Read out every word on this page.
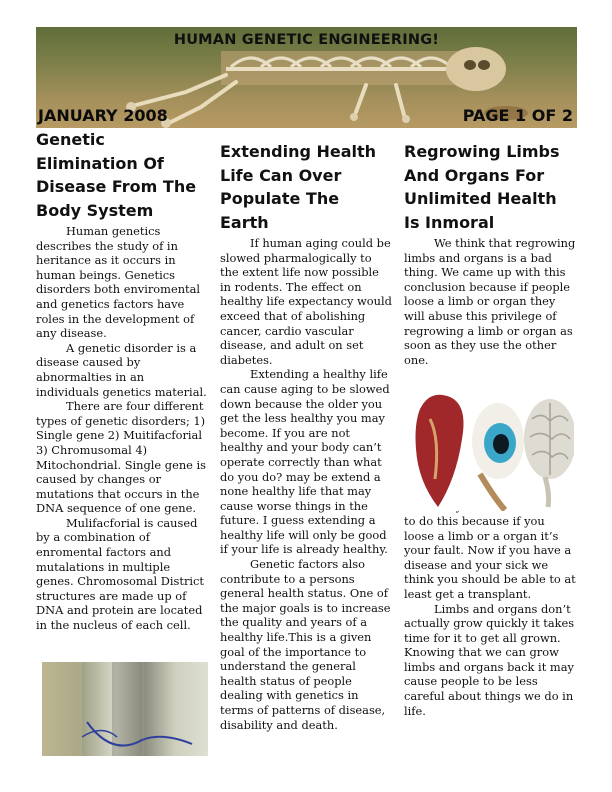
HUMAN GENETIC ENGINEERING!
JANUARY 2008	PAGE 1 OF 2
Genetic Elimination Of Disease From The Body System

Human genetics describes the study of in heritance as it occurs in human beings. Genetics disorders both enviromental and genetics factors have roles in the development of any disease.

A genetic disorder is a disease caused by abnormalties in an individuals genetics material.

There are four different types of genetic disorders; 1) Single gene 2) Muitifacforial 3) Chromusomal 4) Mitochondrial. Single gene is caused by changes or mutations that occurs in the DNA sequence of one gene.

Mulifacforial is caused by a combination of enromental factors and mutalations in multiple genes. Chromosomal District structures are made up of DNA and protein are located in the nucleus of each cell.

Extending Health Life Can Over Populate The Earth

If human aging could be slowed pharmalogically to the extent life now possible in rodents. The effect on healthy life expectancy would exceed that of abolishing cancer, cardio vascular disease, and adult on set diabetes.

Extending a healthy life can cause aging to be slowed down because the older you get the less healthy you may become. If you are not healthy and your body can’t operate correctly than what do you do? may be extend a none healthy life that may cause worse things in the future. I guess extending a healthy life will only be good if your life is already healthy.

Genetic factors also contribute to a persons general health status. One of the major goals is to increase the quality and years of a healthy life.This is a given goal of the importance to understand the general health status of people dealing with genetics in terms of patterns of disease, disability and death.

Regrowing Limbs And Organs For Unlimited Health Is Inmoral

We think that regrowing limbs and organs is a bad thing. We came up with this conclusion because if people loose a limb or organ they will abuse this privilege of regrowing a limb or organ as soon as they use the other one.

to do this because if you loose a limb or a organ it’s your fault. Now if you have a disease and your sick we think you should be able to at least get a transplant.

Limbs and organs don’t actually grow quickly it takes time for it to get all grown. Knowing that we can grow limbs and organs back it may cause people to be less careful about things we do in life.
